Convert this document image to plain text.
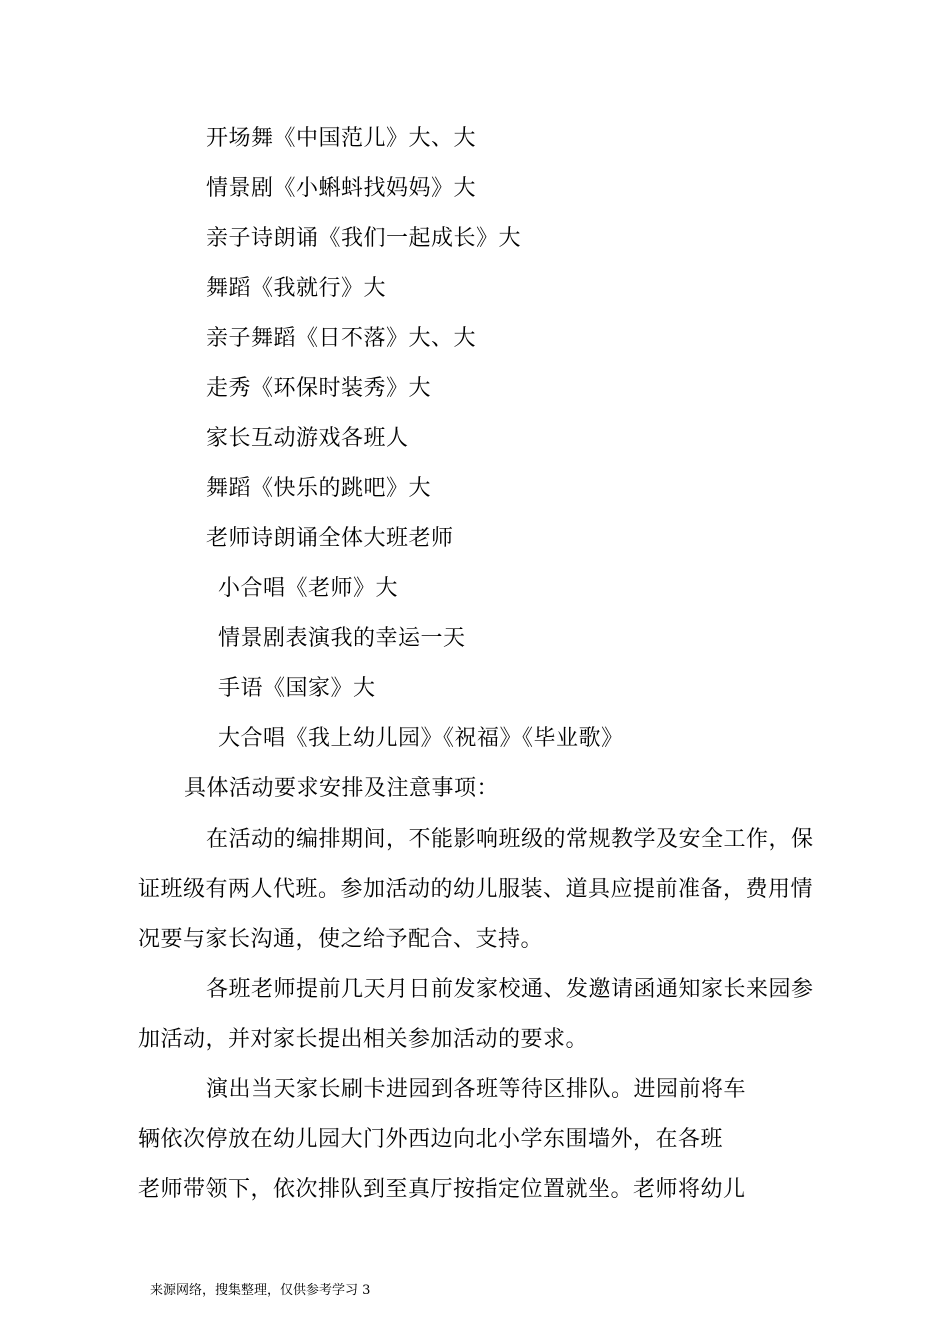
开场舞《中国范儿》大、大
情景剧《小蝌蚪找妈妈》大
亲子诗朗诵《我们一起成长》大
舞蹈《我就行》大
亲子舞蹈《日不落》大、大
走秀《环保时装秀》大
家长互动游戏各班人
舞蹈《快乐的跳吧》大
老师诗朗诵全体大班老师
小合唱《老师》大
情景剧表演我的幸运一天
手语《国家》大
大合唱《我上幼儿园》《祝福》《毕业歌》
具体活动要求安排及注意事项：
在活动的编排期间，不能影响班级的常规教学及安全工作，保
证班级有两人代班。参加活动的幼儿服装、道具应提前准备，费用情
况要与家长沟通，使之给予配合、支持。
各班老师提前几天月日前发家校通、发邀请函通知家长来园参
加活动，并对家长提出相关参加活动的要求。
演出当天家长刷卡进园到各班等待区排队。进园前将车
辆依次停放在幼儿园大门外西边向北小学东围墙外，在各班
老师带领下，依次排队到至真厅按指定位置就坐。老师将幼儿
来源网络，搜集整理，仅供参考学习 3
